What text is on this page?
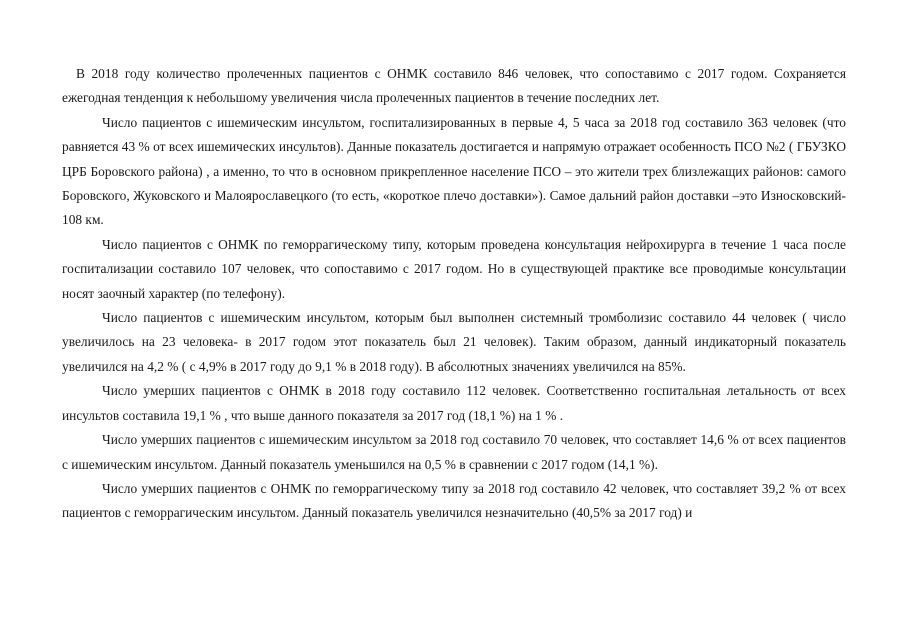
В 2018 году количество пролеченных пациентов с ОНМК составило 846 человек, что сопоставимо с 2017 годом. Сохраняется ежегодная тенденция к небольшому увеличения числа пролеченных пациентов в течение последних лет.

Число пациентов с ишемическим инсультом, госпитализированных в первые 4, 5 часа за 2018 год составило 363 человек (что равняется 43 % от всех ишемических инсультов). Данные показатель достигается и напрямую отражает особенность ПСО №2 ( ГБУЗКО ЦРБ Боровского района) , а именно, то что в основном прикрепленное население ПСО – это жители трех близлежащих районов: самого Боровского, Жуковского и Малоярославецкого (то есть, «короткое плечо доставки»). Самое дальний район доставки –это Износковский- 108 км.

Число пациентов с ОНМК по геморрагическому типу, которым проведена консультация нейрохирурга в течение 1 часа после госпитализации составило 107 человек, что сопоставимо с 2017 годом. Но в существующей практике все проводимые консультации носят заочный характер (по телефону).

Число пациентов с ишемическим инсультом, которым был выполнен системный тромболизис составило 44 человек ( число увеличилось на 23 человека- в 2017 годом этот показатель был 21 человек). Таким образом, данный индикаторный показатель увеличился на 4,2 % ( с 4,9% в 2017 году до 9,1 % в 2018 году). В абсолютных значениях увеличился на 85%.

Число умерших пациентов с ОНМК в 2018 году составило 112 человек. Соответственно госпитальная летальность от всех инсультов составила 19,1 % , что выше данного показателя за 2017 год (18,1 %) на 1 % .

Число умерших пациентов с ишемическим инсультом за 2018 год составило 70 человек, что составляет 14,6 % от всех пациентов с ишемическим инсультом. Данный показатель уменьшился на 0,5 % в сравнении с 2017 годом (14,1 %).

Число умерших пациентов с ОНМК по геморрагическому типу за 2018 год составило 42 человек, что составляет 39,2 % от всех пациентов с геморрагическим инсультом. Данный показатель увеличился незначительно (40,5% за 2017 год) и
